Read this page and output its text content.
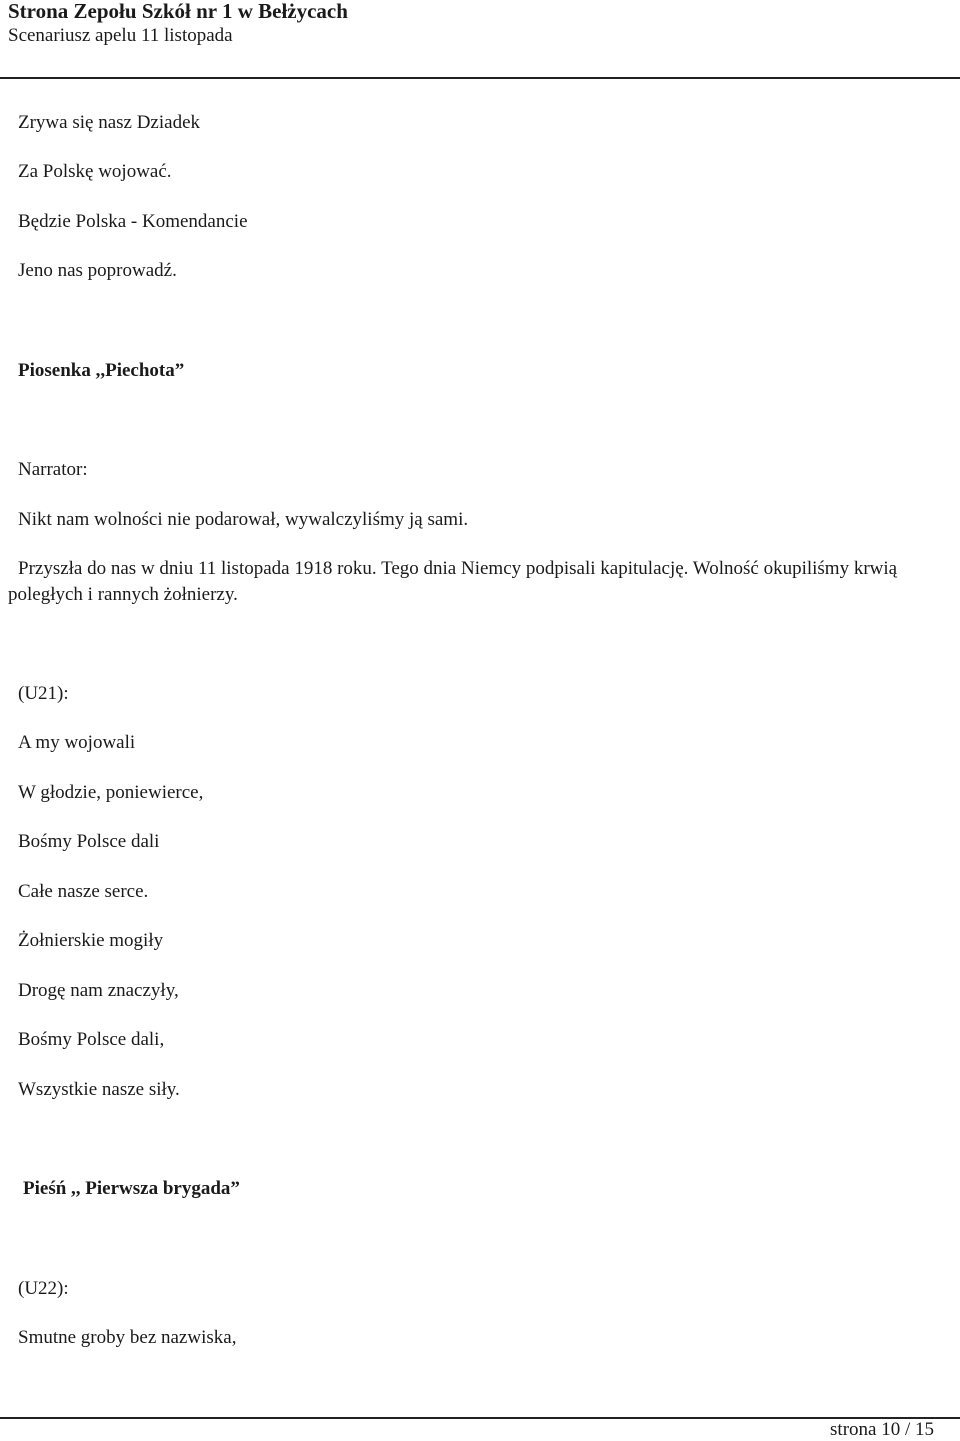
Strona Zepołu Szkół nr 1 w Bełżycach
Scenariusz apelu 11 listopada
Zrywa się nasz Dziadek
Za Polskę wojować.
Będzie Polska - Komendancie
Jeno nas poprowadź.
Piosenka ,,Piechota”
Narrator:
Nikt nam wolności nie podarował, wywalczyliśmy ją sami.
Przyszła do nas w dniu 11 listopada 1918 roku. Tego dnia Niemcy podpisali kapitulację. Wolność okupiliśmy krwią
poległych i rannych żołnierzy.
(U21):
A my wojowali
W głodzie, poniewierce,
Bośmy Polsce dali
Całe nasze serce.
Żołnierskie mogiły
Drogę nam znaczyły,
Bośmy Polsce dali,
Wszystkie nasze siły.
Pieśń ,, Pierwsza brygada”
(U22):
Smutne groby bez nazwiska,
strona 10 / 15
